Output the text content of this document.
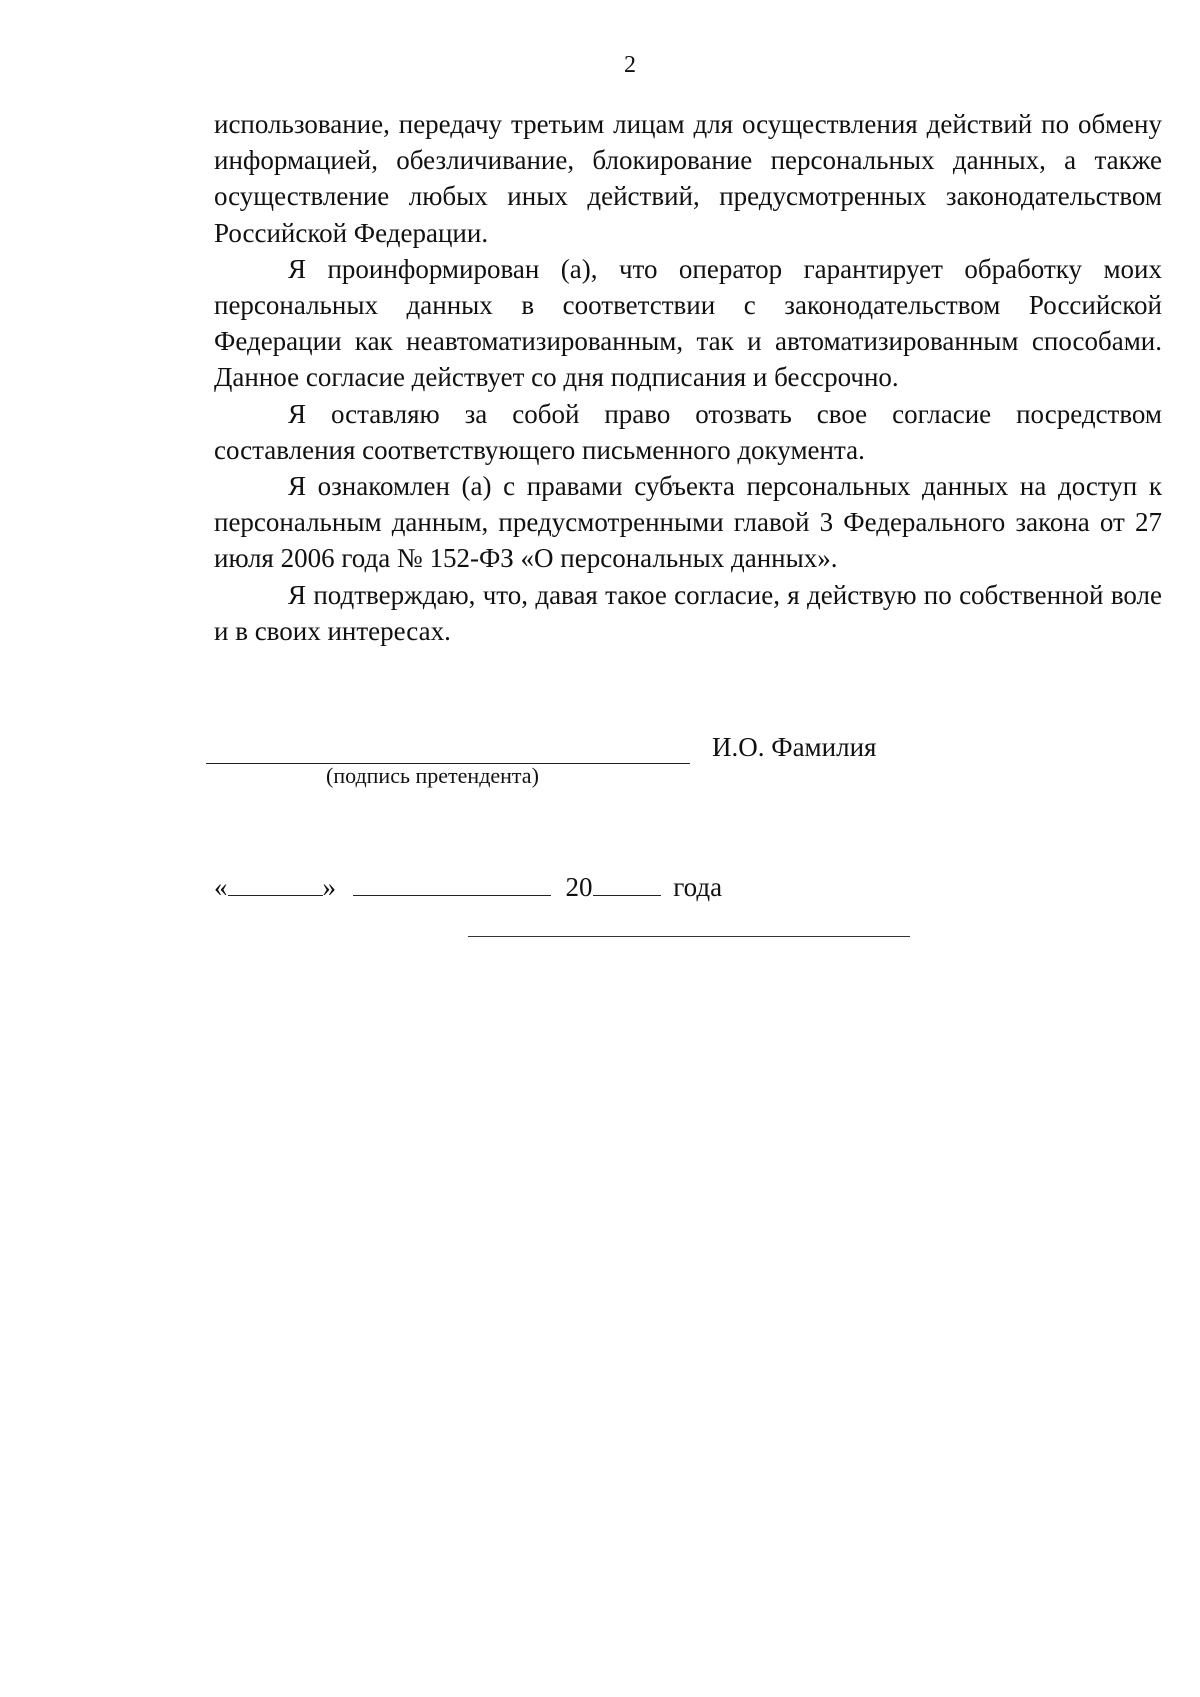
2

использование, передачу третьим лицам для осуществления действий по обмену информацией, обезличивание, блокирование персональных данных, а также осуществление любых иных действий, предусмотренных законодательством Российской Федерации.

Я проинформирован (а), что оператор гарантирует обработку моих персональных данных в соответствии с законодательством Российской Федерации как неавтоматизированным, так и автоматизированным способами. Данное согласие действует со дня подписания и бессрочно.

Я оставляю за собой право отозвать свое согласие посредством составления соответствующего письменного документа.

Я ознакомлен (а) с правами субъекта персональных данных на доступ к персональным данным, предусмотренными главой 3 Федерального закона от 27 июля 2006 года № 152-ФЗ «О персональных данных».

Я подтверждаю, что, давая такое согласие, я действую по собственной воле и в своих интересах.

И.О. Фамилия
(подпись претендента)
«	»	20	года
